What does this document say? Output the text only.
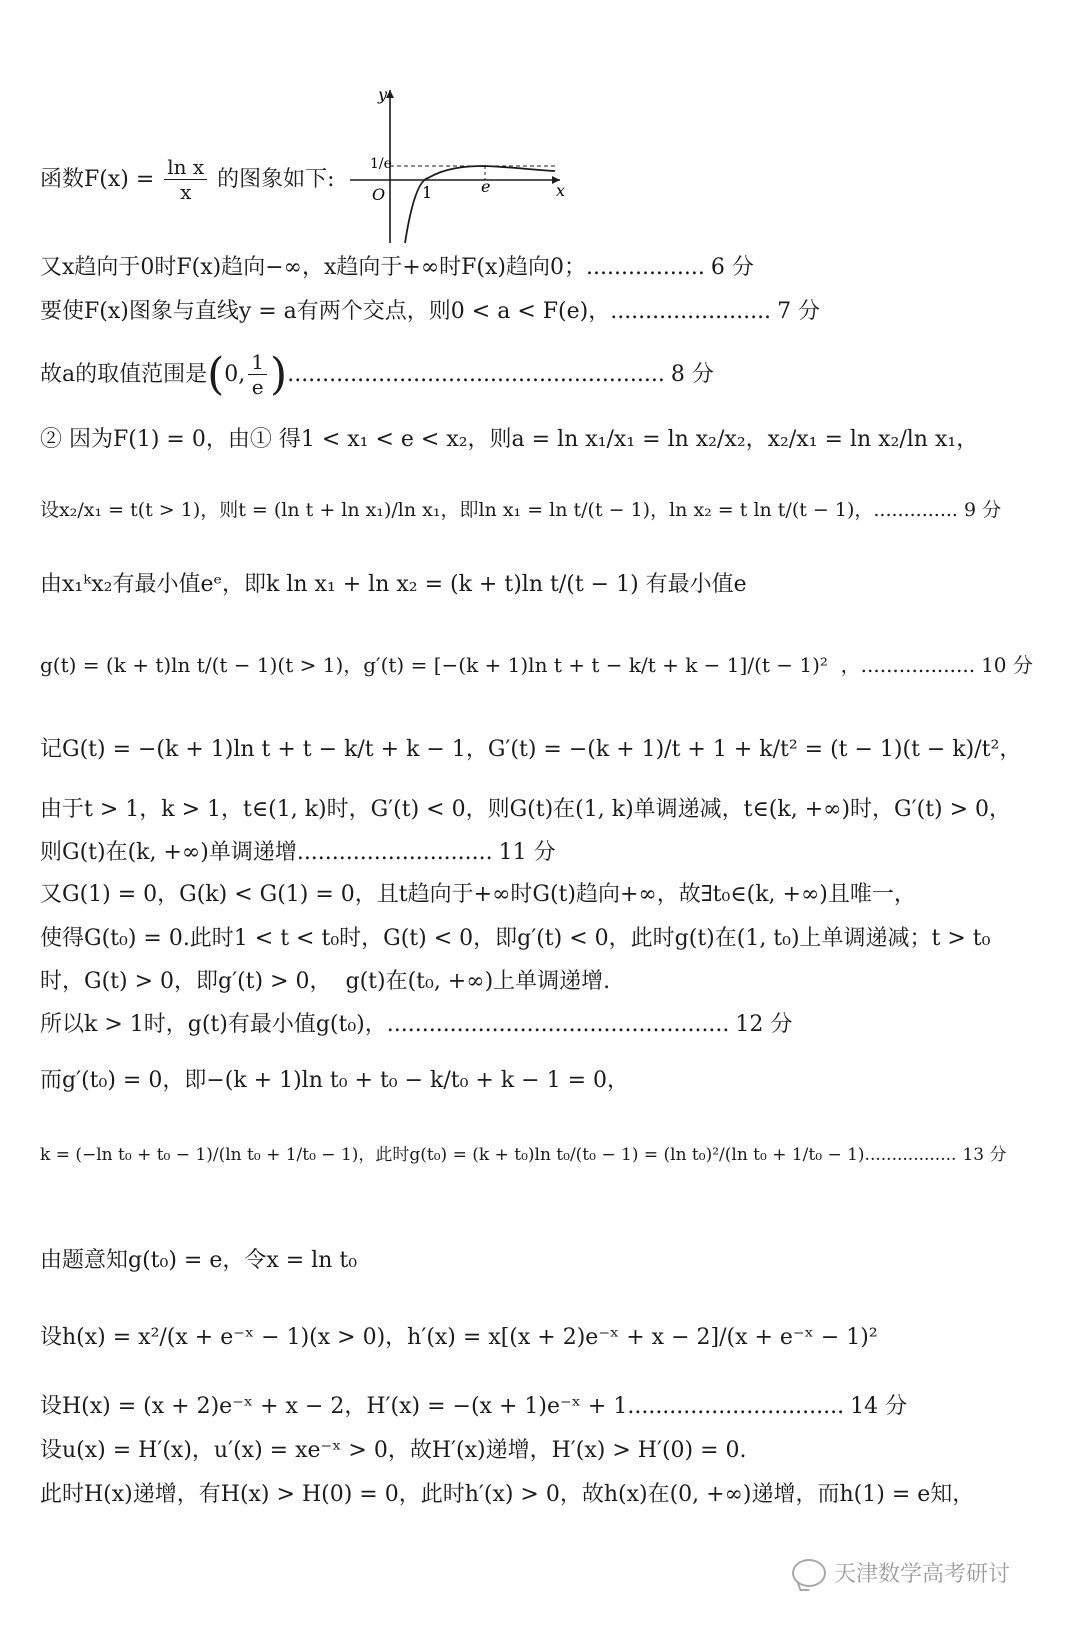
函数$F(x) = \frac{\text{ln x}}{x}$ 的图象如下:
y
x
O
1/e
1	e
又x趋向于0时F(x)趋向−∞，x趋向于+∞时F(x)趋向0；................. 6 分
要使F(x)图象与直线y = a有两个交点，则0 < a < F(e)，....................... 7 分
故a的取值范围是 ( 0, $\frac{1}{e}$ ) ...................................................... 8 分
② 因为F(1) = 0，由① 得1 < x₁ < e < x₂，则a = ln x₁/x₁ = ln x₂/x₂，x₂/x₁ = ln x₂/ln x₁，
设x₂/x₁ = t(t > 1)，则t = (ln t + ln x₁)/ln x₁，即ln x₁ = ln t/(t − 1)，ln x₂ = t ln t/(t − 1)，.............. 9 分
由x₁ᵏx₂有最小值eᵉ，即k ln x₁ + ln x₂ = (k + t)ln t/(t − 1) 有最小值e
g(t) = (k + t)ln t/(t − 1)(t > 1)，g′(t) = [−(k + 1)ln t + t − k/t + k − 1]/(t − 1)²  ，.................. 10 分
记G(t) = −(k + 1)ln t + t − k/t + k − 1，G′(t) = −(k + 1)/t + 1 + k/t² = (t − 1)(t − k)/t²，
由于t > 1，k > 1，t∈(1, k)时，G′(t) < 0，则G(t)在(1, k)单调递减，t∈(k, +∞)时，G′(t) > 0，
则G(t)在(k, +∞)单调递增............................ 11 分
又G(1) = 0，G(k) < G(1) = 0，且t趋向于+∞时G(t)趋向+∞，故∃t₀∈(k, +∞)且唯一，
使得G(t₀) = 0.此时1 < t < t₀时，G(t) < 0，即g′(t) < 0，此时g(t)在(1, t₀)上单调递减；t > t₀
时，G(t) > 0，即g′(t) > 0，  g(t)在(t₀, +∞)上单调递增.
所以k > 1时，g(t)有最小值g(t₀)，................................................. 12 分
而g′(t₀) = 0，即−(k + 1)ln t₀ + t₀ − k/t₀ + k − 1 = 0，
k = (−ln t₀ + t₀ − 1)/(ln t₀ + 1/t₀ − 1)，此时g(t₀) = (k + t₀)ln t₀/(t₀ − 1) = (ln t₀)²/(ln t₀ + 1/t₀ − 1)................. 13 分
由题意知g(t₀) = e，令x = ln t₀
设h(x) = x²/(x + e⁻ˣ − 1)(x > 0)，h′(x) = x[(x + 2)e⁻ˣ + x − 2]/(x + e⁻ˣ − 1)²
设H(x) = (x + 2)e⁻ˣ + x − 2，H′(x) = −(x + 1)e⁻ˣ + 1............................... 14 分
设u(x) = H′(x)，u′(x) = xe⁻ˣ > 0，故H′(x)递增，H′(x) > H′(0) = 0.
此时H(x)递增，有H(x) > H(0) = 0，此时h′(x) > 0，故h(x)在(0, +∞)递增，而h(1) = e知，
天津数学高考研讨
